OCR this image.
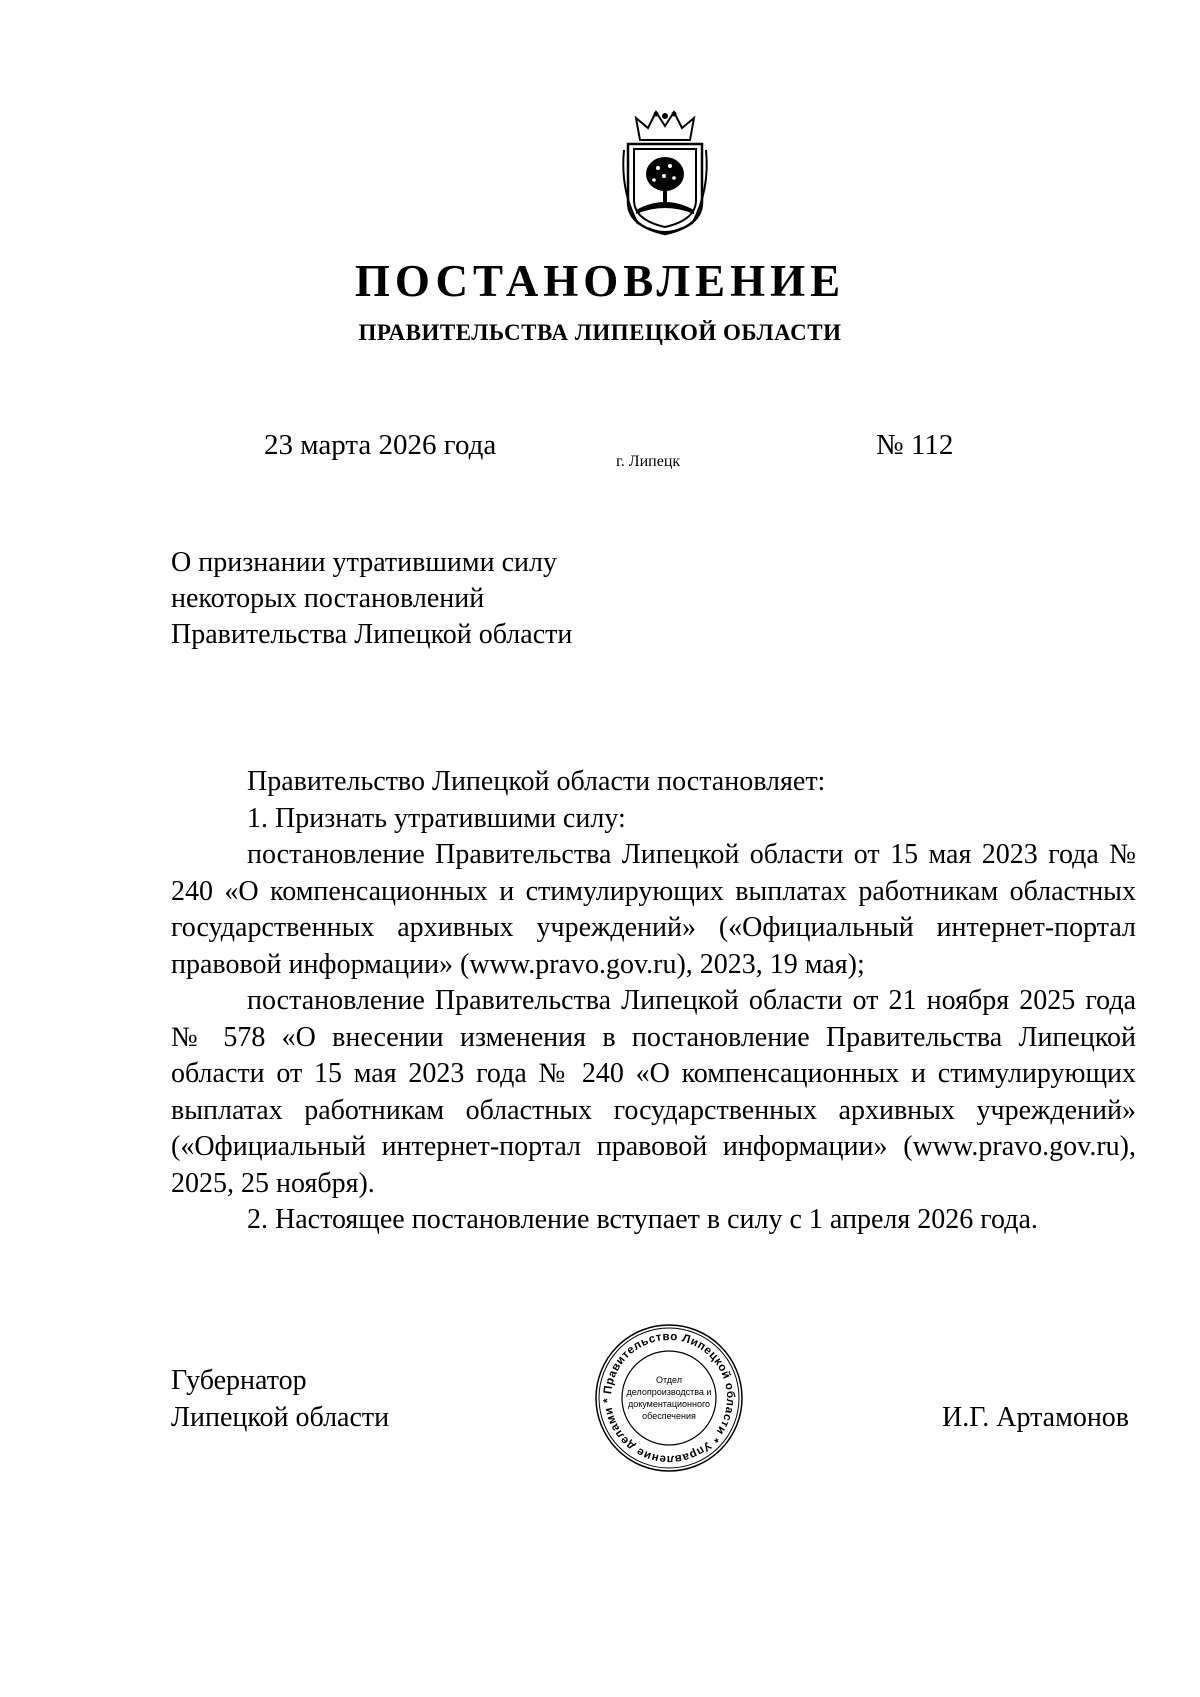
ПОСТАНОВЛЕНИЕ
ПРАВИТЕЛЬСТВА ЛИПЕЦКОЙ ОБЛАСТИ
23 марта 2026 года
г. Липецк
№ 112
О признании утратившими силу
некоторых постановлений
Правительства Липецкой области

Правительство Липецкой области постановляет:

1. Признать утратившими силу:

постановление Правительства Липецкой области от 15 мая 2023 года № 240 «О компенсационных и стимулирующих выплатах работникам областных государственных архивных учреждений» («Официальный интернет-портал правовой информации» (www.pravo.gov.ru), 2023, 19 мая);

постановление Правительства Липецкой области от 21 ноября 2025 года № 578 «О внесении изменения в постановление Правительства Липецкой области от 15 мая 2023 года № 240 «О компенсационных и стимулирующих выплатах работникам областных государственных архивных учреждений» («Официальный интернет-портал правовой информации» (www.pravo.gov.ru), 2025, 25 ноября).

2. Настоящее постановление вступает в силу с 1 апреля 2026 года.

Губернатор
Липецкой области	И.Г. Артамонов
Правительство Липецкой области * Управление делами *
Отдел
делопроизводства и
документационного
обеспечения
